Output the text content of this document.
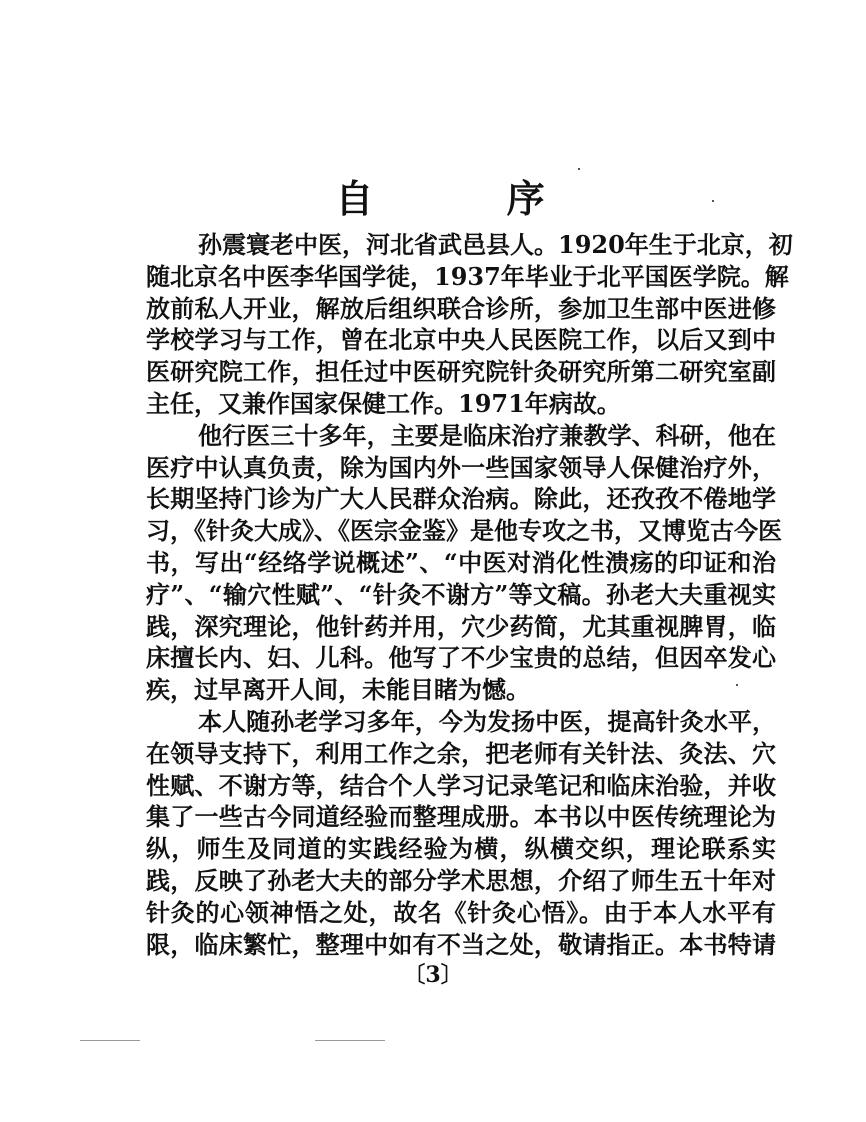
自 序
孙震寰老中医，河北省武邑县人。1920年生于北京，初
随北京名中医李华国学徒，1937年毕业于北平国医学院。解
放前私人开业，解放后组织联合诊所，参加卫生部中医进修
学校学习与工作，曾在北京中央人民医院工作，以后又到中
医研究院工作，担任过中医研究院针灸研究所第二研究室副
主任，又兼作国家保健工作。1971年病故。
他行医三十多年，主要是临床治疗兼教学、科研，他在
医疗中认真负责，除为国内外一些国家领导人保健治疗外，
长期坚持门诊为广大人民群众治病。除此，还孜孜不倦地学
习，《针灸大成》、《医宗金鉴》是他专攻之书，又博览古今医
书，写出“经络学说概述”、“中医对消化性溃疡的印证和治
疗”、“输穴性赋”、“针灸不谢方”等文稿。孙老大夫重视实
践，深究理论，他针药并用，穴少药简，尤其重视脾胃，临
床擅长内、妇、儿科。他写了不少宝贵的总结，但因卒发心
疾，过早离开人间，未能目睹为憾。
本人随孙老学习多年，今为发扬中医，提高针灸水平，
在领导支持下，利用工作之余，把老师有关针法、灸法、穴
性赋、不谢方等，结合个人学习记录笔记和临床治验，并收
集了一些古今同道经验而整理成册。本书以中医传统理论为
纵，师生及同道的实践经验为横，纵横交织，理论联系实
践，反映了孙老大夫的部分学术思想，介绍了师生五十年对
针灸的心领神悟之处，故名《针灸心悟》。由于本人水平有
限，临床繁忙，整理中如有不当之处，敬请指正。本书特请
〔3〕
